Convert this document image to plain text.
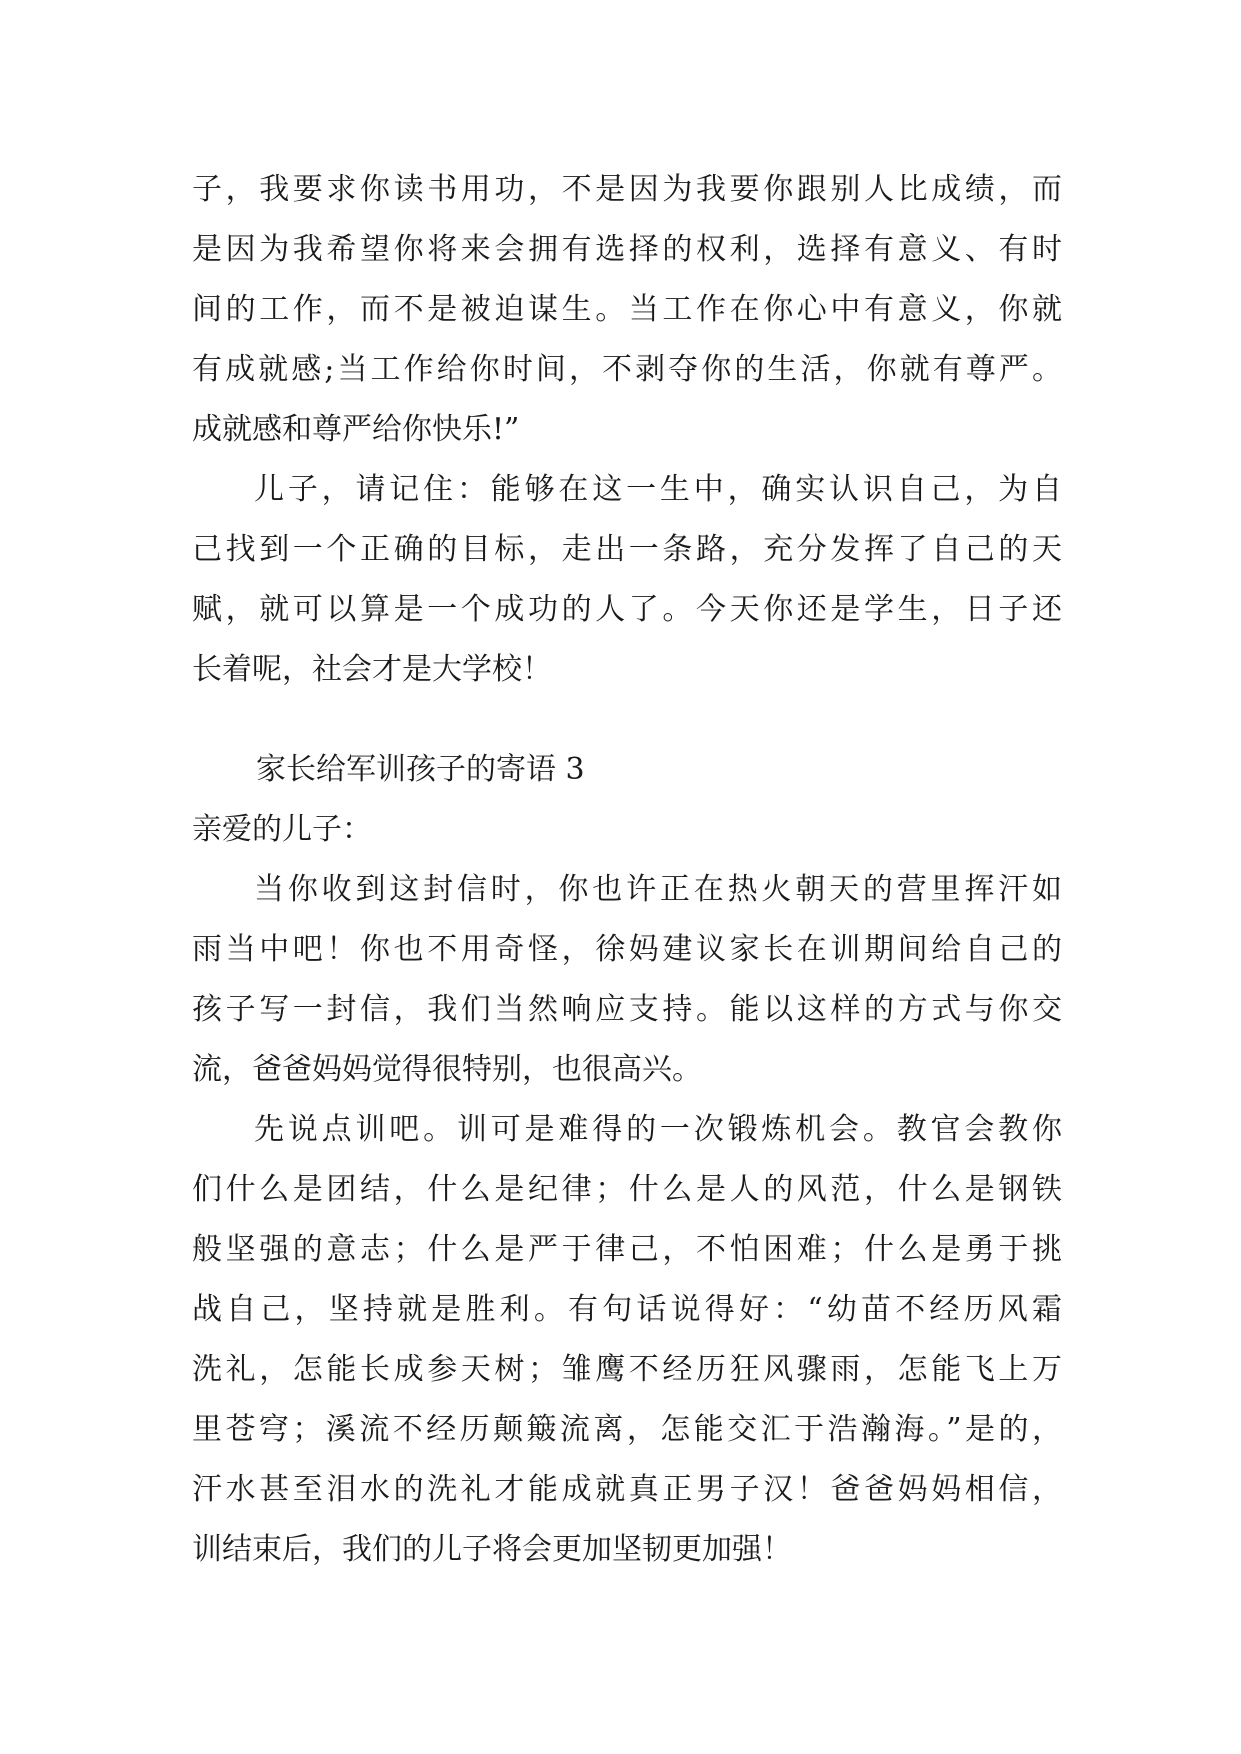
子，我要求你读书用功，不是因为我要你跟别人比成绩，而
是因为我希望你将来会拥有选择的权利，选择有意义、有时
间的工作，而不是被迫谋生。当工作在你心中有意义，你就
有成就感;当工作给你时间，不剥夺你的生活，你就有尊严。
成就感和尊严给你快乐!”
儿子，请记住：能够在这一生中，确实认识自己，为自
己找到一个正确的目标，走出一条路，充分发挥了自己的天
赋，就可以算是一个成功的人了。今天你还是学生，日子还
长着呢，社会才是大学校！
家长给军训孩子的寄语 3
亲爱的儿子：
当你收到这封信时，你也许正在热火朝天的营里挥汗如
雨当中吧！你也不用奇怪，徐妈建议家长在训期间给自己的
孩子写一封信，我们当然响应支持。能以这样的方式与你交
流，爸爸妈妈觉得很特别，也很高兴。
先说点训吧。训可是难得的一次锻炼机会。教官会教你
们什么是团结，什么是纪律；什么是人的风范，什么是钢铁
般坚强的意志；什么是严于律己，不怕困难；什么是勇于挑
战自己，坚持就是胜利。有句话说得好：“幼苗不经历风霜
洗礼，怎能长成参天树；雏鹰不经历狂风骤雨，怎能飞上万
里苍穹；溪流不经历颠簸流离，怎能交汇于浩瀚海。”是的，
汗水甚至泪水的洗礼才能成就真正男子汉！爸爸妈妈相信，
训结束后，我们的儿子将会更加坚韧更加强！
